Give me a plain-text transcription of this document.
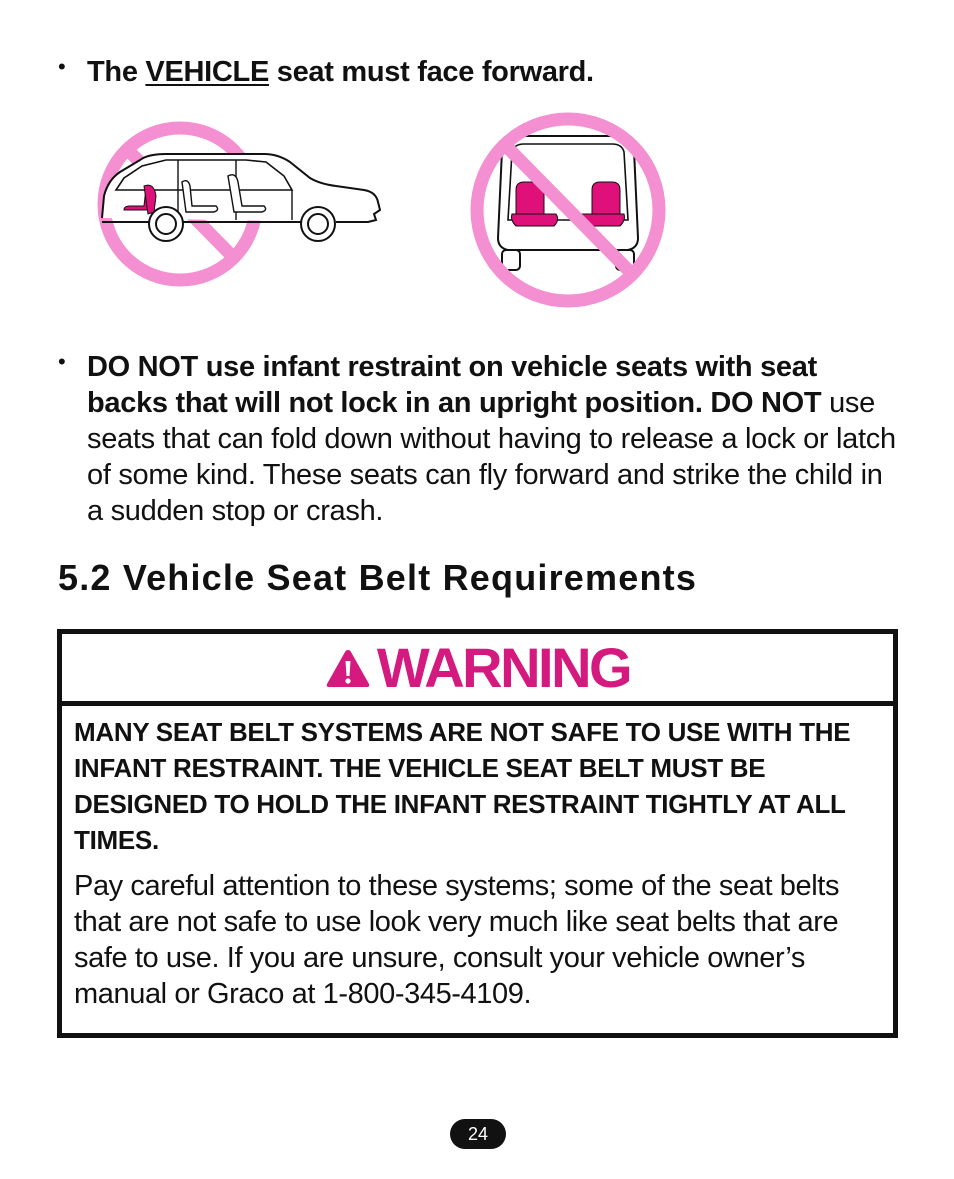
• The VEHICLE seat must face forward.
• DO NOT use infant restraint on vehicle seats with seat backs that will not lock in an upright position. DO NOT use seats that can fold down without having to release a lock or latch of some kind. These seats can fly forward and strike the child in a sudden stop or crash.
5.2 Vehicle Seat Belt Requirements
WARNING

MANY SEAT BELT SYSTEMS ARE NOT SAFE TO USE WITH THE INFANT RESTRAINT. THE VEHICLE SEAT BELT MUST BE DESIGNED TO HOLD THE INFANT RESTRAINT TIGHTLY AT ALL TIMES.

Pay careful attention to these systems; some of the seat belts that are not safe to use look very much like seat belts that are safe to use. If you are unsure, consult your vehicle owner’s manual or Graco at 1-800-345-4109.

24
